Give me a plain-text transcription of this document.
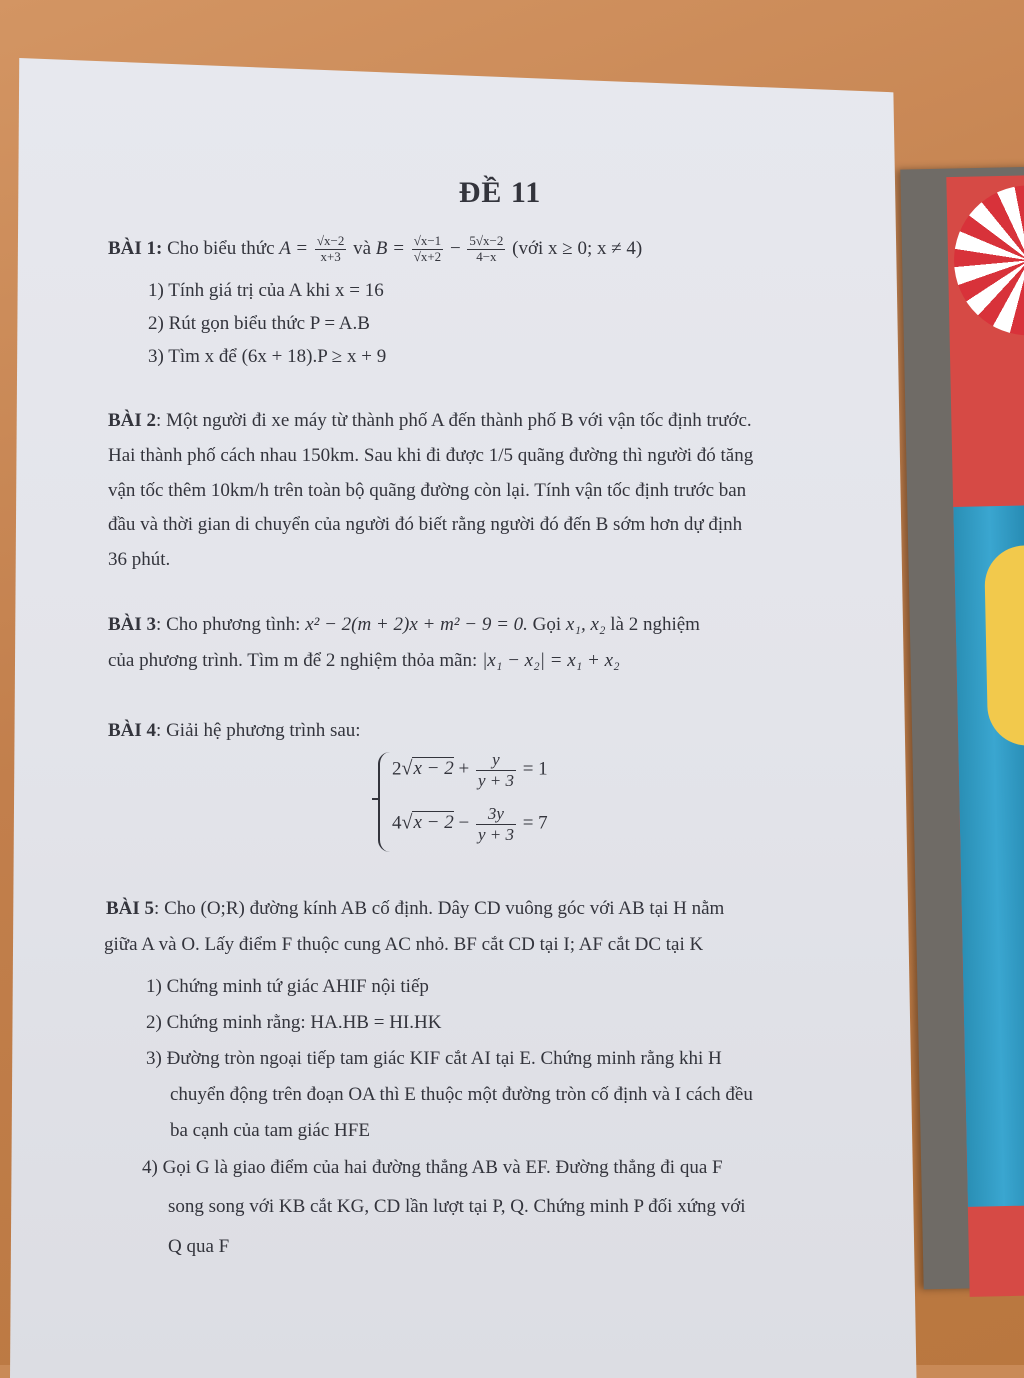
ĐỀ 11
BÀI 1: Cho biểu thức $A = \frac{√x-2}{x+3}$ và $B = \frac{√x-1}{√x+2} - \frac{5√x-2}{4-x}$ (với x ≥ 0; x ≠ 4)
1) Tính giá trị của A khi x = 16
2) Rút gọn biểu thức P = A.B
3) Tìm x để (6x + 18).P ≥ x + 9
BÀI 2: Một người đi xe máy từ thành phố A đến thành phố B với vận tốc định trước.
Hai thành phố cách nhau 150km. Sau khi đi được 1/5 quãng đường thì người đó tăng
vận tốc thêm 10km/h trên toàn bộ quãng đường còn lại. Tính vận tốc định trước ban
đầu và thời gian di chuyển của người đó biết rằng người đó đến B sớm hơn dự định
36 phút.
BÀI 3: Cho phương tình: x² − 2(m + 2)x + m² − 9 = 0. Gọi x₁, x₂ là 2 nghiệm
của phương trình. Tìm m để 2 nghiệm thỏa mãn: |x₁ − x₂| = x₁ + x₂
BÀI 4: Giải hệ phương trình sau:
$2√x - 2 + \frac{y}{y + 3} = 1$
$4√x - 2 - \frac{3y}{y + 3} = 7$
BÀI 5: Cho (O;R) đường kính AB cố định. Dây CD vuông góc với AB tại H nằm
giữa A và O. Lấy điểm F thuộc cung AC nhỏ. BF cắt CD tại I; AF cắt DC tại K
1) Chứng minh tứ giác AHIF nội tiếp
2) Chứng minh rằng: HA.HB = HI.HK
3) Đường tròn ngoại tiếp tam giác KIF cắt AI tại E. Chứng minh rằng khi H
chuyển động trên đoạn OA thì E thuộc một đường tròn cố định và I cách đều
ba cạnh của tam giác HFE
4) Gọi G là giao điểm của hai đường thẳng AB và EF. Đường thẳng đi qua F
song song với KB cắt KG, CD lần lượt tại P, Q. Chứng minh P đối xứng với
Q qua F
